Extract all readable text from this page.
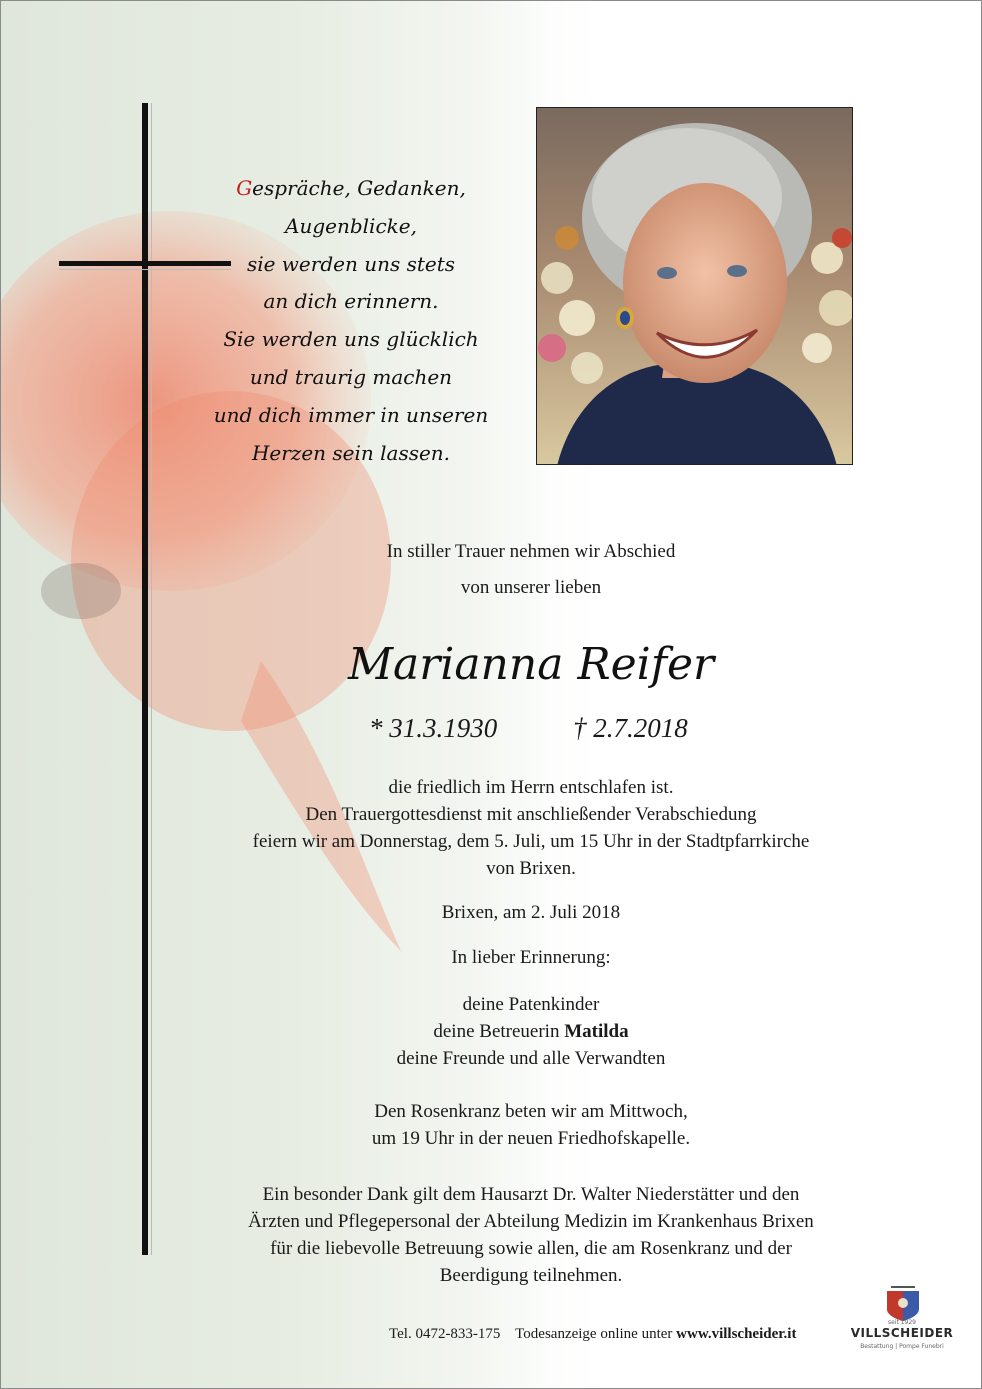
Gespräche, Gedanken,
Augenblicke,
sie werden uns stets
an dich erinnern.
Sie werden uns glücklich
und traurig machen
und dich immer in unseren
Herzen sein lassen.
In stiller Trauer nehmen wir Abschied
von unserer lieben
Marianna Reifer
* 31.3.1930	† 2.7.2018
die friedlich im Herrn entschlafen ist.
Den Trauergottesdienst mit anschließender Verabschiedung
feiern wir am Donnerstag, dem 5. Juli, um 15 Uhr in der Stadtpfarrkirche
von Brixen.
Brixen, am 2. Juli 2018
In lieber Erinnerung:
deine Patenkinder
deine Betreuerin Matilda
deine Freunde und alle Verwandten
Den Rosenkranz beten wir am Mittwoch,
um 19 Uhr in der neuen Friedhofskapelle.
Ein besonder Dank gilt dem Hausarzt Dr. Walter Niederstätter und den
Ärzten und Pflegepersonal der Abteilung Medizin im Krankenhaus Brixen
für die liebevolle Betreuung sowie allen, die am Rosenkranz und der
Beerdigung teilnehmen.
Tel. 0472-833-175 Todesanzeige online unter www.villscheider.it
seit 1929
VILLSCHEIDER
Bestattung | Pompe Funebri
